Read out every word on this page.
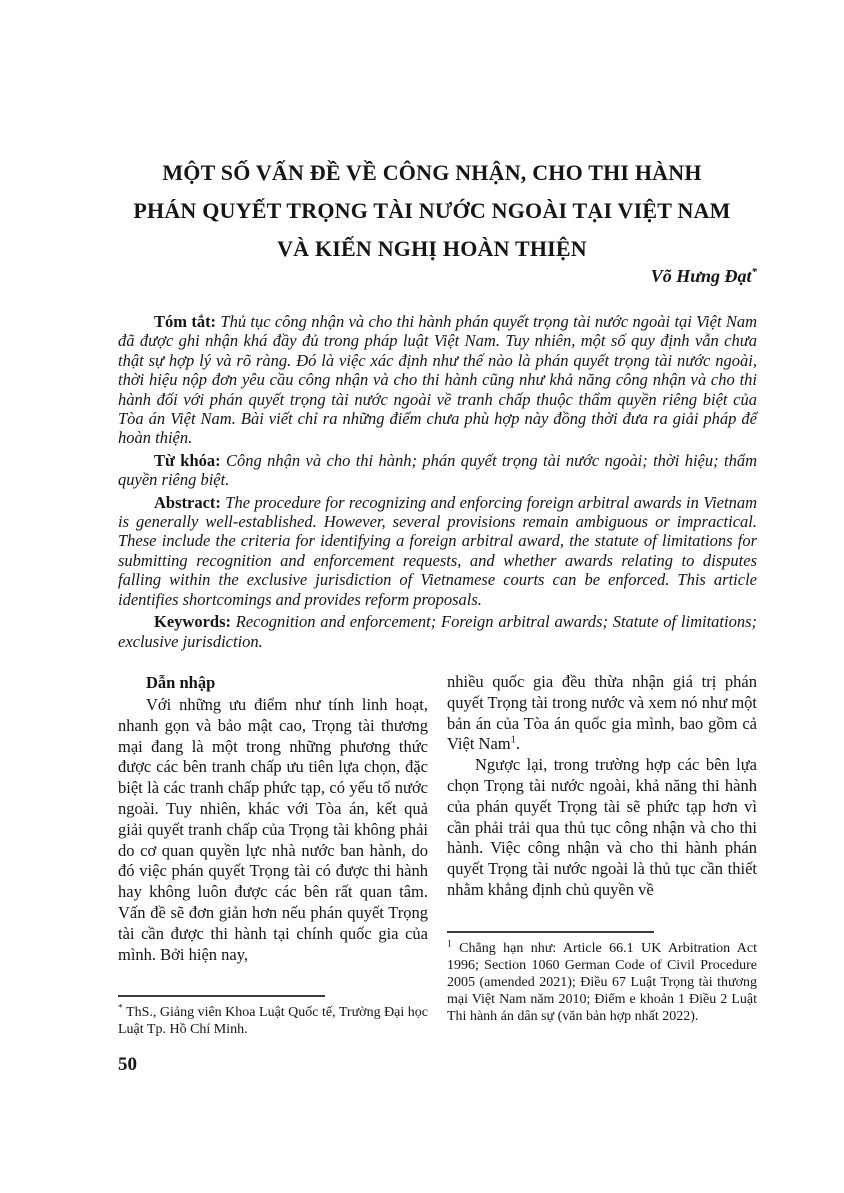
MỘT SỐ VẤN ĐỀ VỀ CÔNG NHẬN, CHO THI HÀNH
PHÁN QUYẾT TRỌNG TÀI NƯỚC NGOÀI TẠI VIỆT NAM
VÀ KIẾN NGHỊ HOÀN THIỆN
Võ Hưng Đạt*

Tóm tắt: Thủ tục công nhận và cho thi hành phán quyết trọng tài nước ngoài tại Việt Nam đã được ghi nhận khá đầy đủ trong pháp luật Việt Nam. Tuy nhiên, một số quy định vẫn chưa thật sự hợp lý và rõ ràng. Đó là việc xác định như thế nào là phán quyết trọng tài nước ngoài, thời hiệu nộp đơn yêu cầu công nhận và cho thi hành cũng như khả năng công nhận và cho thi hành đối với phán quyết trọng tài nước ngoài về tranh chấp thuộc thẩm quyền riêng biệt của Tòa án Việt Nam. Bài viết chỉ ra những điểm chưa phù hợp này đồng thời đưa ra giải pháp để hoàn thiện.

Từ khóa: Công nhận và cho thi hành; phán quyết trọng tài nước ngoài; thời hiệu; thẩm quyền riêng biệt.

Abstract: The procedure for recognizing and enforcing foreign arbitral awards in Vietnam is generally well-established. However, several provisions remain ambiguous or impractical. These include the criteria for identifying a foreign arbitral award, the statute of limitations for submitting recognition and enforcement requests, and whether awards relating to disputes falling within the exclusive jurisdiction of Vietnamese courts can be enforced. This article identifies shortcomings and provides reform proposals.

Keywords: Recognition and enforcement; Foreign arbitral awards; Statute of limitations; exclusive jurisdiction.

Dẫn nhập

Với những ưu điểm như tính linh hoạt, nhanh gọn và bảo mật cao, Trọng tài thương mại đang là một trong những phương thức được các bên tranh chấp ưu tiên lựa chọn, đặc biệt là các tranh chấp phức tạp, có yếu tố nước ngoài. Tuy nhiên, khác với Tòa án, kết quả giải quyết tranh chấp của Trọng tài không phải do cơ quan quyền lực nhà nước ban hành, do đó việc phán quyết Trọng tài có được thi hành hay không luôn được các bên rất quan tâm. Vấn đề sẽ đơn giản hơn nếu phán quyết Trọng tài cần được thi hành tại chính quốc gia của mình. Bởi hiện nay,

nhiều quốc gia đều thừa nhận giá trị phán quyết Trọng tài trong nước và xem nó như một bản án của Tòa án quốc gia mình, bao gồm cả Việt Nam$^1$.

Ngược lại, trong trường hợp các bên lựa chọn Trọng tài nước ngoài, khả năng thi hành của phán quyết Trọng tài sẽ phức tạp hơn vì cần phải trải qua thủ tục công nhận và cho thi hành. Việc công nhận và cho thi hành phán quyết Trọng tài nước ngoài là thủ tục cần thiết nhằm khẳng định chủ quyền về

* ThS., Giảng viên Khoa Luật Quốc tế, Trường Đại học Luật Tp. Hồ Chí Minh.

$^1$ Chẳng hạn như: Article 66.1 UK Arbitration Act 1996; Section 1060 German Code of Civil Procedure 2005 (amended 2021); Điều 67 Luật Trọng tài thương mại Việt Nam năm 2010; Điểm e khoản 1 Điều 2 Luật Thi hành án dân sự (văn bản hợp nhất 2022).

50
